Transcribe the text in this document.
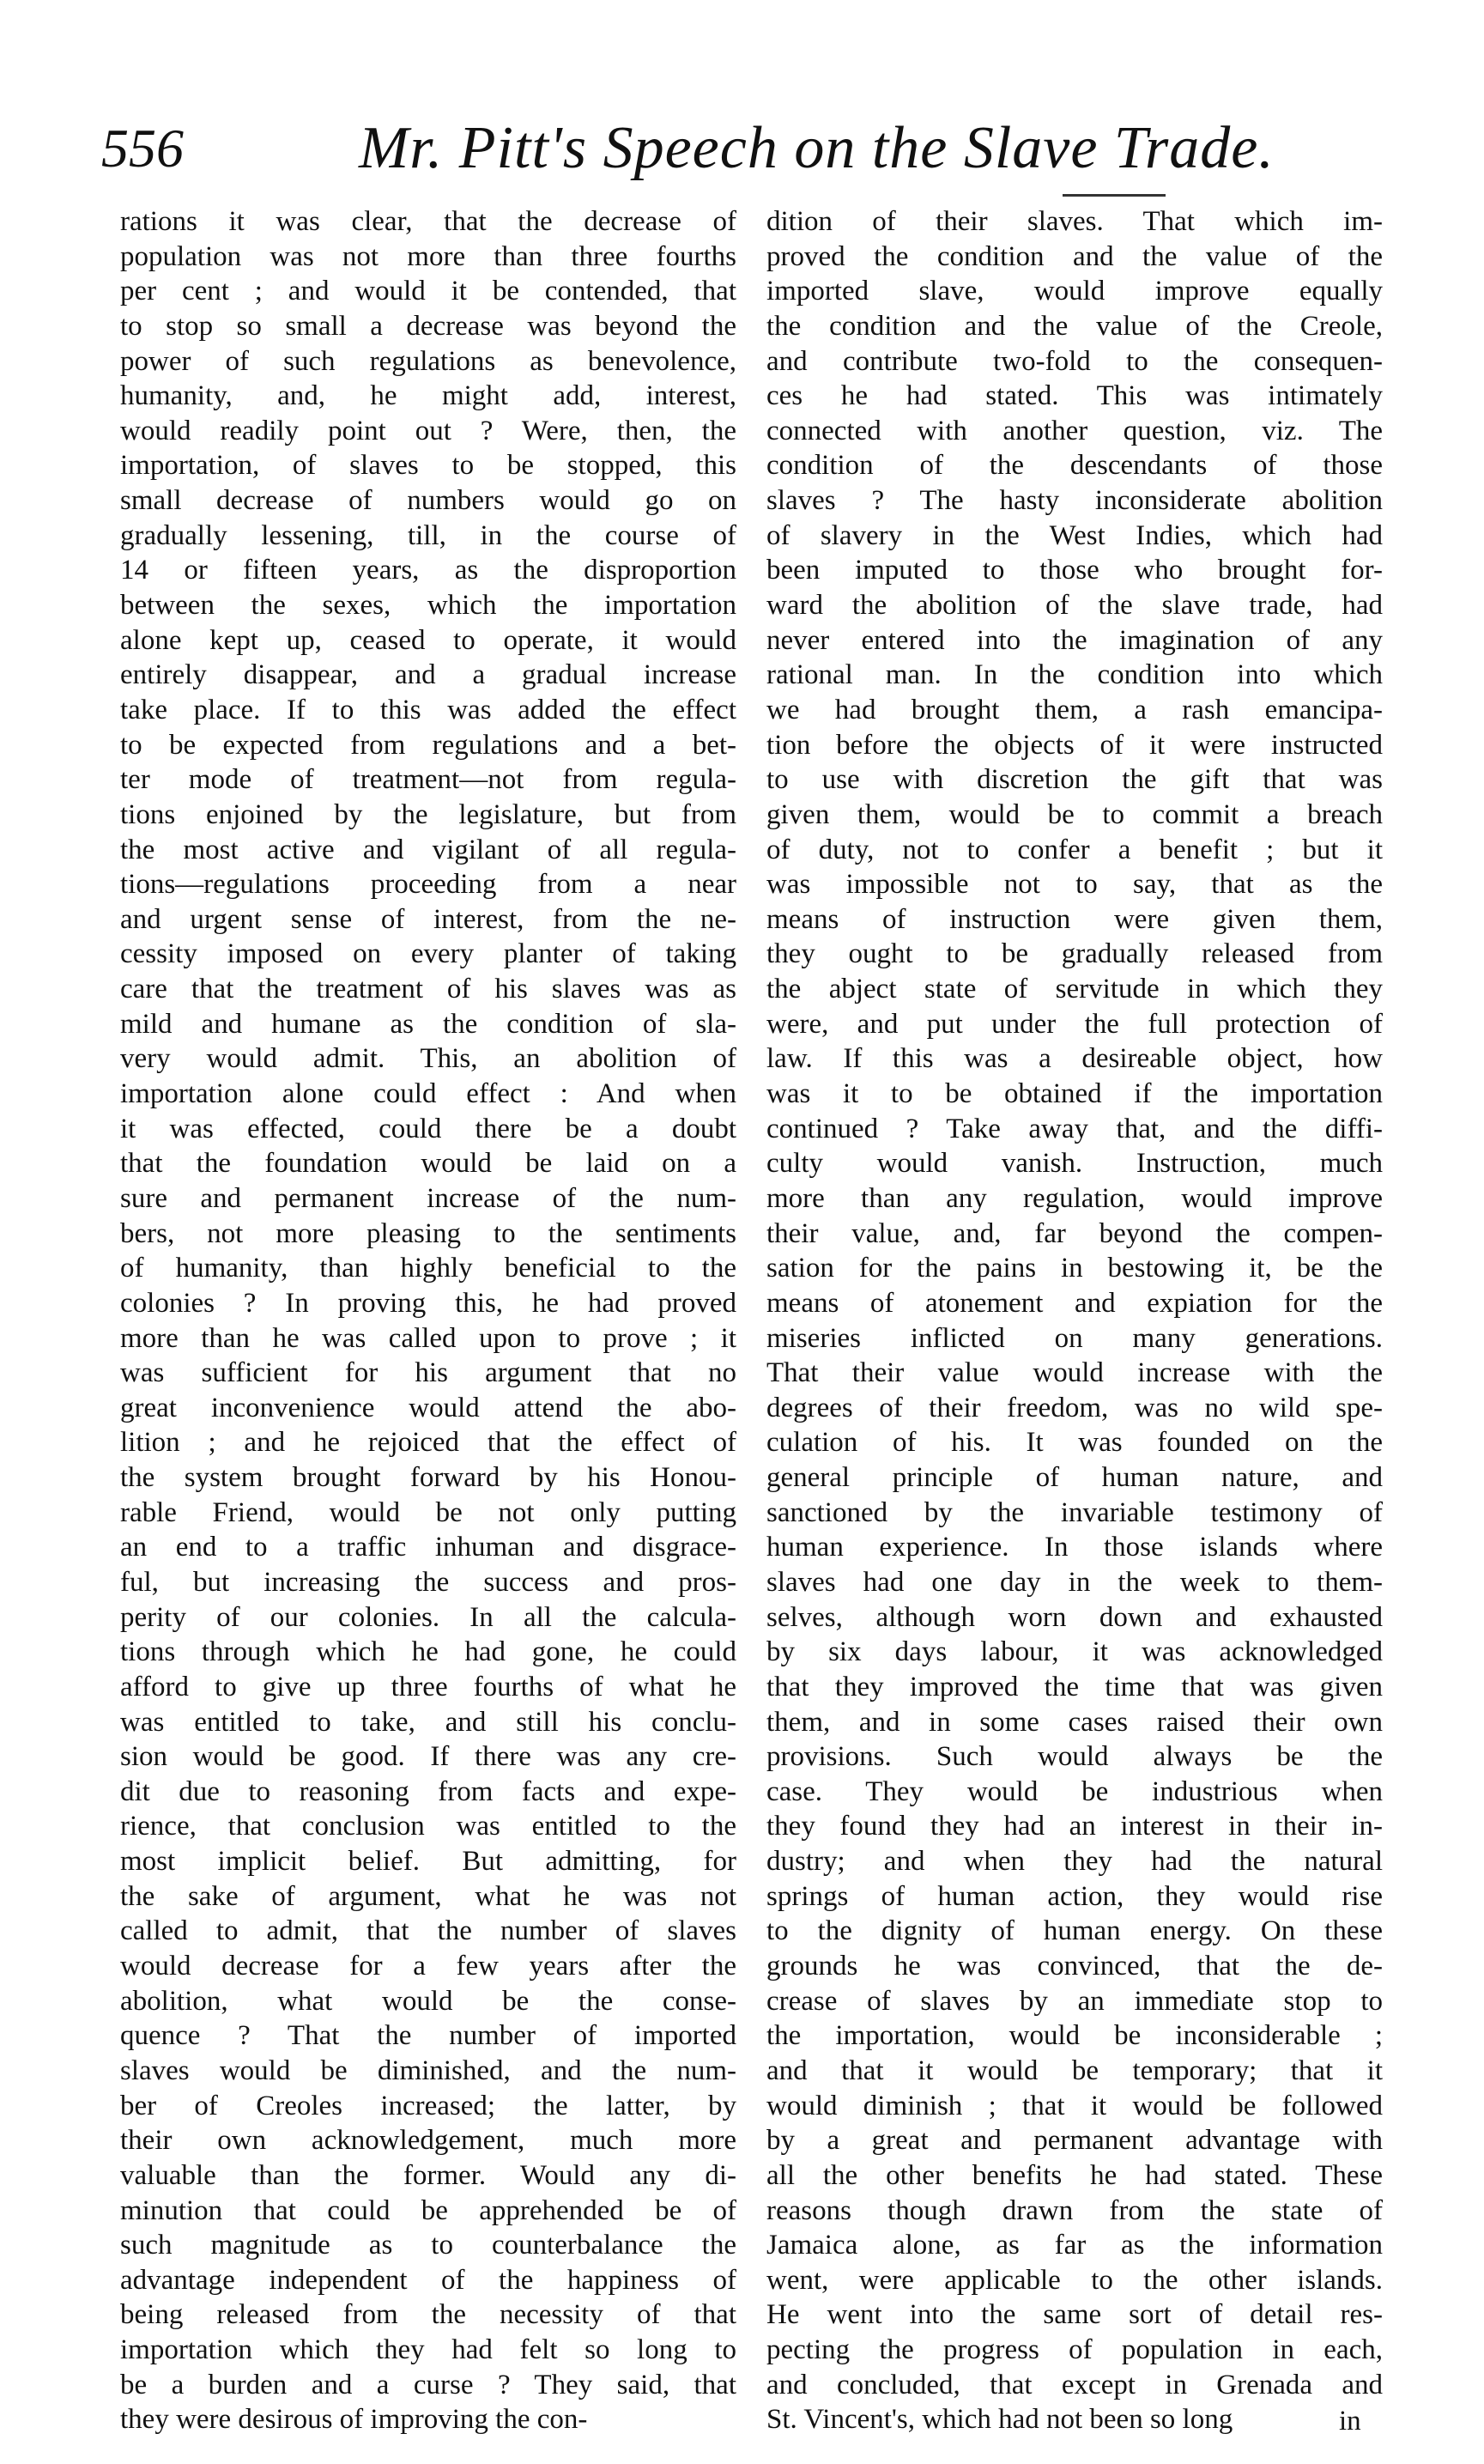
556	Mr. Pitt's Speech on the Slave Trade.
rations it was clear, that the decrease of
population was not more than three fourths
per cent ; and would it be contended, that
to stop so small a decrease was beyond the
power of such regulations as benevolence,
humanity, and, he might add, interest,
would readily point out ? Were, then, the
importation, of slaves to be stopped, this
small decrease of numbers would go on
gradually lessening, till, in the course of
14 or fifteen years, as the disproportion
between the sexes, which the importation
alone kept up, ceased to operate, it would
entirely disappear, and a gradual increase
take place. If to this was added the effect
to be expected from regulations and a bet-
ter mode of treatment—not from regula-
tions enjoined by the legislature, but from
the most active and vigilant of all regula-
tions—regulations proceeding from a near
and urgent sense of interest, from the ne-
cessity imposed on every planter of taking
care that the treatment of his slaves was as
mild and humane as the condition of sla-
very would admit. This, an abolition of
importation alone could effect : And when
it was effected, could there be a doubt
that the foundation would be laid on a
sure and permanent increase of the num-
bers, not more pleasing to the sentiments
of humanity, than highly beneficial to the
colonies ? In proving this, he had proved
more than he was called upon to prove ; it
was sufficient for his argument that no
great inconvenience would attend the abo-
lition ; and he rejoiced that the effect of
the system brought forward by his Honou-
rable Friend, would be not only putting
an end to a traffic inhuman and disgrace-
ful, but increasing the success and pros-
perity of our colonies. In all the calcula-
tions through which he had gone, he could
afford to give up three fourths of what he
was entitled to take, and still his conclu-
sion would be good. If there was any cre-
dit due to reasoning from facts and expe-
rience, that conclusion was entitled to the
most implicit belief. But admitting, for
the sake of argument, what he was not
called to admit, that the number of slaves
would decrease for a few years after the
abolition, what would be the conse-
quence ? That the number of imported
slaves would be diminished, and the num-
ber of Creoles increased; the latter, by
their own acknowledgement, much more
valuable than the former. Would any di-
minution that could be apprehended be of
such magnitude as to counterbalance the
advantage independent of the happiness of
being released from the necessity of that
importation which they had felt so long to
be a burden and a curse ? They said, that
they were desirous of improving the con-
dition of their slaves. That which im-
proved the condition and the value of the
imported slave, would improve equally
the condition and the value of the Creole,
and contribute two-fold to the consequen-
ces he had stated. This was intimately
connected with another question, viz. The
condition of the descendants of those
slaves ? The hasty inconsiderate abolition
of slavery in the West Indies, which had
been imputed to those who brought for-
ward the abolition of the slave trade, had
never entered into the imagination of any
rational man. In the condition into which
we had brought them, a rash emancipa-
tion before the objects of it were instructed
to use with discretion the gift that was
given them, would be to commit a breach
of duty, not to confer a benefit ; but it
was impossible not to say, that as the
means of instruction were given them,
they ought to be gradually released from
the abject state of servitude in which they
were, and put under the full protection of
law. If this was a desireable object, how
was it to be obtained if the importation
continued ? Take away that, and the diffi-
culty would vanish. Instruction, much
more than any regulation, would improve
their value, and, far beyond the compen-
sation for the pains in bestowing it, be the
means of atonement and expiation for the
miseries inflicted on many generations.
That their value would increase with the
degrees of their freedom, was no wild spe-
culation of his. It was founded on the
general principle of human nature, and
sanctioned by the invariable testimony of
human experience. In those islands where
slaves had one day in the week to them-
selves, although worn down and exhausted
by six days labour, it was acknowledged
that they improved the time that was given
them, and in some cases raised their own
provisions. Such would always be the
case. They would be industrious when
they found they had an interest in their in-
dustry; and when they had the natural
springs of human action, they would rise
to the dignity of human energy. On these
grounds he was convinced, that the de-
crease of slaves by an immediate stop to
the importation, would be inconsiderable ;
and that it would be temporary; that it
would diminish ; that it would be followed
by a great and permanent advantage with
all the other benefits he had stated. These
reasons though drawn from the state of
Jamaica alone, as far as the information
went, were applicable to the other islands.
He went into the same sort of detail res-
pecting the progress of population in each,
and concluded, that except in Grenada and
St. Vincent's, which had not been so long	in
